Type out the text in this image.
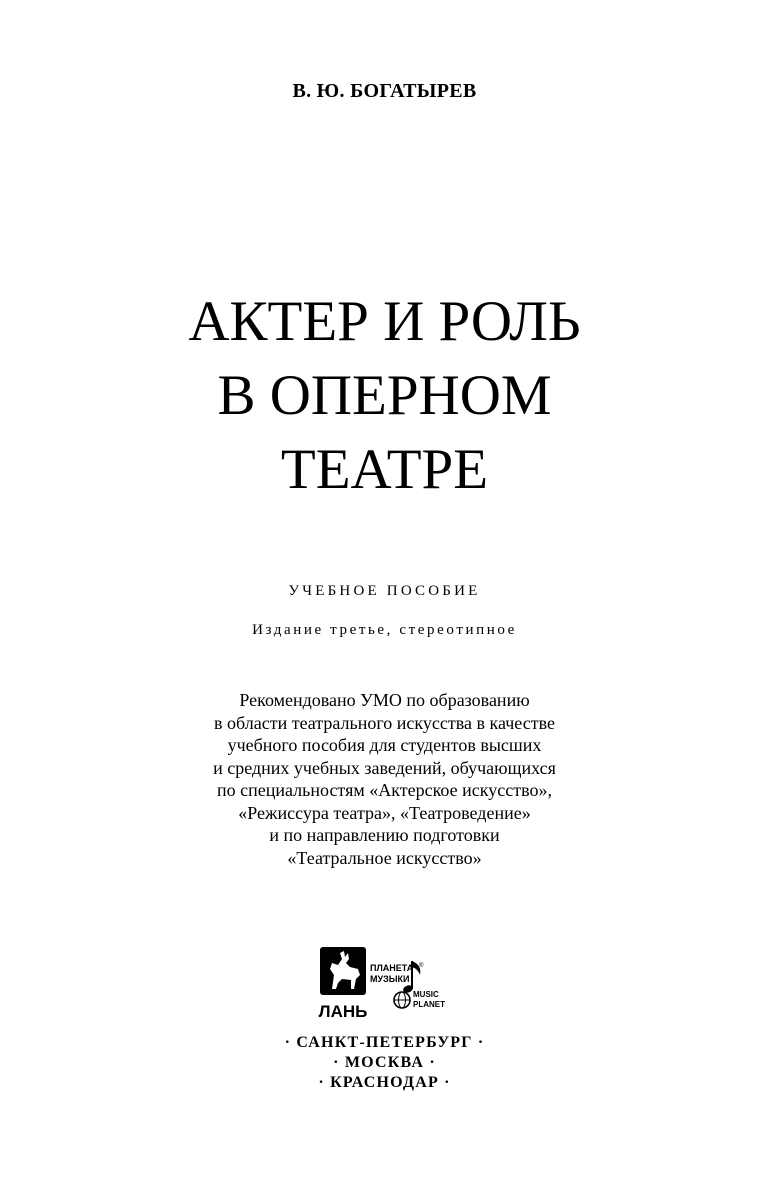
В. Ю. БОГАТЫРЕВ
АКТЕР И РОЛЬ
В ОПЕРНОМ
ТЕАТРЕ
УЧЕБНОЕ ПОСОБИЕ
Издание третье, стереотипное
Рекомендовано УМО по образованию
в области театрального искусства в качестве
учебного пособия для студентов высших
и средних учебных заведений, обучающихся
по специальностям «Актерское искусство»,
«Режиссура театра», «Театроведение»
и по направлению подготовки
«Театральное искусство»
ЛАНЬ
ПЛАНЕТА
МУЗЫКИ
®
MUSIC
PLANET
· САНКТ-ПЕТЕРБУРГ ·
· МОСКВА ·
· КРАСНОДАР ·
